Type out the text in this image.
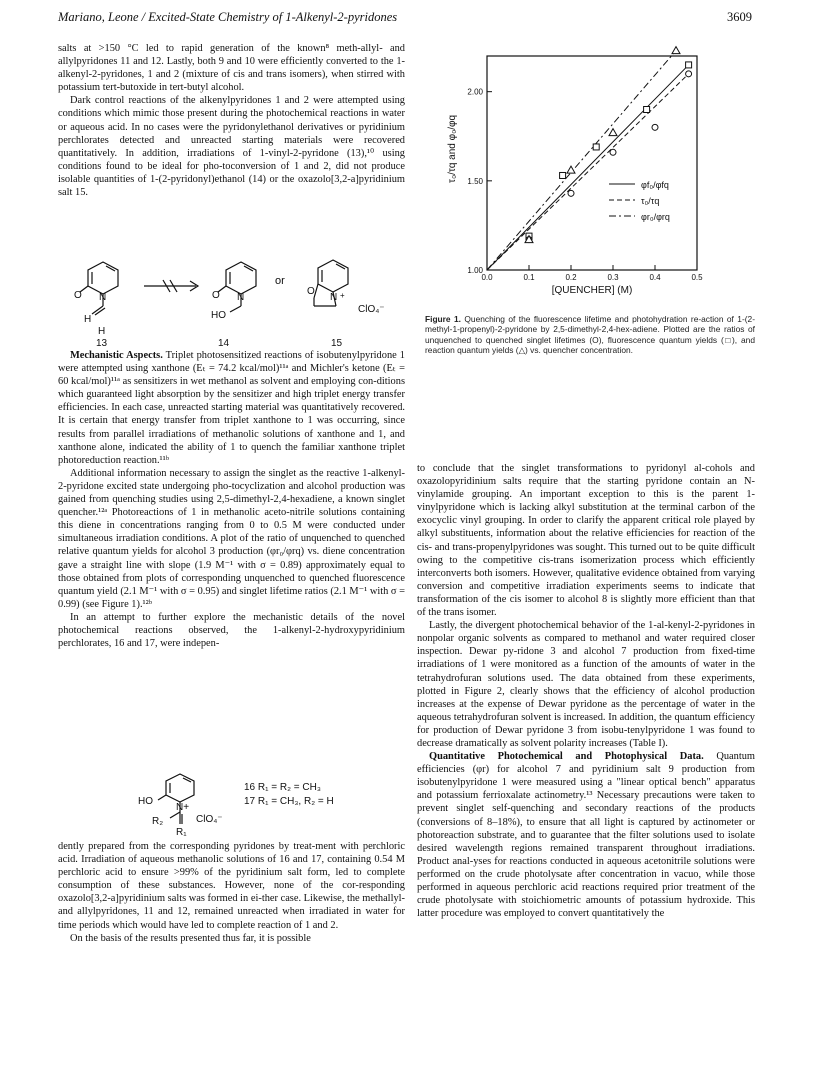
Mariano, Leone / Excited-State Chemistry of 1-Alkenyl-2-pyridones	3609

salts at >150 °C led to rapid generation of the known⁸ meth-allyl- and allylpyridones 11 and 12. Lastly, both 9 and 10 were efficiently converted to the 1-alkenyl-2-pyridones, 1 and 2 (mixture of cis and trans isomers), when stirred with potassium tert-butoxide in tert-butyl alcohol.

Dark control reactions of the alkenylpyridones 1 and 2 were attempted using conditions which mimic those present during the photochemical reactions in water or aqueous acid. In no cases were the pyridonylethanol derivatives or pyridinium perchlorates detected and unreacted starting materials were recovered quantitatively. In addition, irradiations of 1-vinyl-2-pyridone (13),¹⁰ using conditions found to be ideal for pho-toconversion of 1 and 2, did not produce isolable quantities of 1-(2-pyridonyl)ethanol (14) or the oxazolo[3,2-a]pyridinium salt 15.

O N
H
H
O N
HO
or
O
N +
ClO₄⁻
13	14	15

Mechanistic Aspects. Triplet photosensitized reactions of isobutenylpyridone 1 were attempted using xanthone (Eₜ = 74.2 kcal/mol)¹¹ᵃ and Michler's ketone (Eₜ = 60 kcal/mol)¹¹ᵃ as sensitizers in wet methanol as solvent and employing con-ditions which guaranteed light absorption by the sensitizer and high triplet energy transfer efficiencies. In each case, unreacted starting material was quantitatively recovered. It is certain that energy transfer from triplet xanthone to 1 was occurring, since results from parallel irradiations of methanolic solutions of xanthone and 1, and xanthone alone, indicated the ability of 1 to quench the familiar xanthone triplet photoreduction reaction.¹¹ᵇ

Additional information necessary to assign the singlet as the reactive 1-alkenyl-2-pyridone excited state undergoing pho-tocyclization and alcohol production was gained from quenching studies using 2,5-dimethyl-2,4-hexadiene, a known singlet quencher.¹²ᵃ Photoreactions of 1 in methanolic aceto-nitrile solutions containing this diene in concentrations ranging from 0 to 0.5 M were conducted under simultaneous irradiation conditions. A plot of the ratio of unquenched to quenched relative quantum yields for alcohol 3 production (φr₀/φrq) vs. diene concentration gave a straight line with slope (1.9 M⁻¹ with σ = 0.89) approximately equal to those obtained from plots of corresponding unquenched to quenched fluorescence quantum yield (2.1 M⁻¹ with σ = 0.95) and singlet lifetime ratios (2.1 M⁻¹ with σ = 0.99) (see Figure 1).¹²ᵇ

In an attempt to further explore the mechanistic details of the novel photochemical reactions observed, the 1-alkenyl-2-hydroxypyridinium perchlorates, 16 and 17, were indepen-

HO
N+
R₂
R₁
ClO₄⁻
16 R₁ = R₂ = CH₃
17 R₁ = CH₃, R₂ = H

dently prepared from the corresponding pyridones by treat-ment with perchloric acid. Irradiation of aqueous methanolic solutions of 16 and 17, containing 0.54 M perchloric acid to ensure >99% of the pyridinium salt form, led to complete consumption of these substances. However, none of the cor-responding oxazolo[3,2-a]pyridinium salts was formed in ei-ther case. Likewise, the methallyl- and allylpyridones, 11 and 12, remained unreacted when irradiated in water for time periods which would have led to complete reaction of 1 and 2.

On the basis of the results presented thus far, it is possible

1.00
1.50
2.00
0.0	0.1	0.2	0.3	0.4	0.5
φf₀/φfq
τ₀/τq
φr₀/φrq
τ₀/τq and φ₀/φq
[QUENCHER] (M)
Figure 1. Quenching of the fluorescence lifetime and photohydration re-action of 1-(2-methyl-1-propenyl)-2-pyridone by 2,5-dimethyl-2,4-hex-adiene. Plotted are the ratios of unquenched to quenched singlet lifetimes (O), fluorescence quantum yields (□), and reaction quantum yields (△) vs. quencher concentration.

to conclude that the singlet transformations to pyridonyl al-cohols and oxazolopyridinium salts require that the starting pyridone contain an N-vinylamide grouping. An important exception to this is the parent 1-vinylpyridone which is lacking alkyl substitution at the terminal carbon of the exocyclic vinyl grouping. In order to clarify the apparent critical role played by alkyl substituents, information about the relative efficiencies for reaction of the cis- and trans-propenylpyridones was sought. This turned out to be quite difficult owing to the competitive cis-trans isomerization process which efficiently interconverts both isomers. However, qualitative evidence obtained from varying conversion and competitive irradiation experiments seems to indicate that transformation of the cis isomer to alcohol 8 is slightly more efficient than that of the trans isomer.

Lastly, the divergent photochemical behavior of the 1-al-kenyl-2-pyridones in nonpolar organic solvents as compared to methanol and water required closer inspection. Dewar py-ridone 3 and alcohol 7 production from fixed-time irradiations of 1 were monitored as a function of the amounts of water in the tetrahydrofuran solutions used. The data obtained from these experiments, plotted in Figure 2, clearly shows that the efficiency of alcohol production increases at the expense of Dewar pyridone as the percentage of water in the aqueous tetrahydrofuran solvent is increased. In addition, the quantum efficiency for production of Dewar pyridone 3 from isobu-tenylpyridone 1 was found to decrease dramatically as solvent polarity increases (Table I).

Quantitative Photochemical and Photophysical Data. Quantum efficiencies (φr) for alcohol 7 and pyridinium salt 9 production from isobutenylpyridone 1 were measured using a "linear optical bench" apparatus and potassium ferrioxalate actinometry.¹³ Necessary precautions were taken to prevent singlet self-quenching and secondary reactions of the products (conversions of 8–18%), to ensure that all light is captured by actinometer or photoreaction substrate, and to guarantee that the filter solutions used to isolate desired wavelength regions remained transparent throughout irradiations. Product anal-yses for reactions conducted in aqueous acetonitrile solutions were performed on the crude photolysate after concentration in vacuo, while those performed in aqueous perchloric acid reactions required prior treatment of the crude photolysate with stoichiometric amounts of potassium hydroxide. This latter procedure was employed to convert quantitatively the
